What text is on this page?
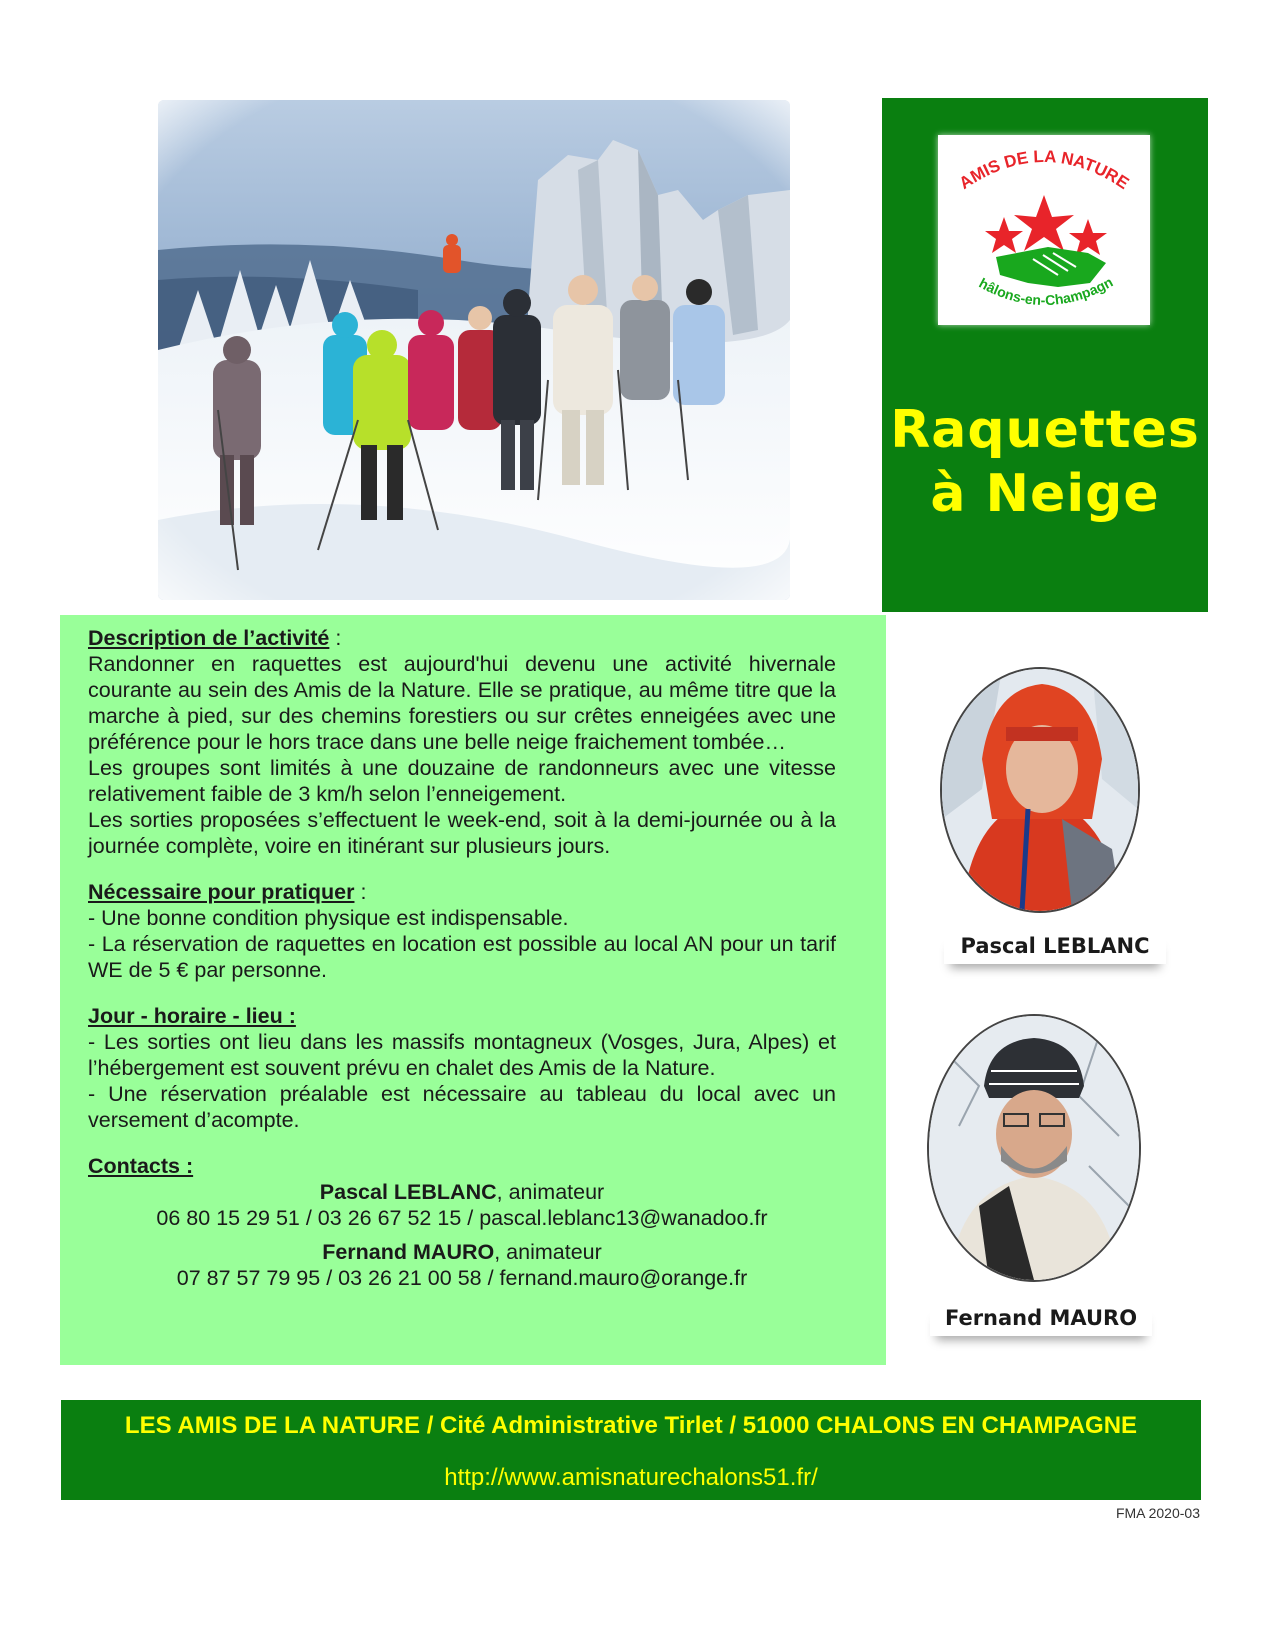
AMIS DE LA NATURE
hâlons-en-Champagn
Raquettes
à Neige
Description de l’activité :

Randonner en raquettes est aujourd'hui devenu une activité hivernale courante au sein des Amis de la Nature. Elle se pratique, au même titre que la marche à pied, sur des chemins forestiers ou sur crêtes enneigées avec une préférence pour le hors trace dans une belle neige fraichement tombée…

Les groupes sont limités à une douzaine de randonneurs avec une vitesse relativement faible de 3 km/h selon l’enneigement.

Les sorties proposées s’effectuent le week-end, soit à la demi-journée ou à la journée complète, voire en itinérant sur plusieurs jours.

Nécessaire pour pratiquer :

- Une bonne condition physique est indispensable.

- La réservation de raquettes en location est possible au local AN pour un tarif WE de 5 € par personne.

Jour - horaire - lieu :

- Les sorties ont lieu dans les massifs montagneux (Vosges, Jura, Alpes) et l’hébergement est souvent prévu en chalet des Amis de la Nature.

- Une réservation préalable est nécessaire au tableau du local avec un versement d’acompte.

Contacts :

Pascal LEBLANC, animateur

06 80 15 29 51 / 03 26 67 52 15 / pascal.leblanc13@wanadoo.fr

Fernand MAURO, animateur

07 87 57 79 95 / 03 26 21 00 58 / fernand.mauro@orange.fr

Pascal LEBLANC
Fernand MAURO
LES AMIS DE LA NATURE / Cité Administrative Tirlet / 51000 CHALONS EN CHAMPAGNE
http://www.amisnaturechalons51.fr/
FMA 2020-03
